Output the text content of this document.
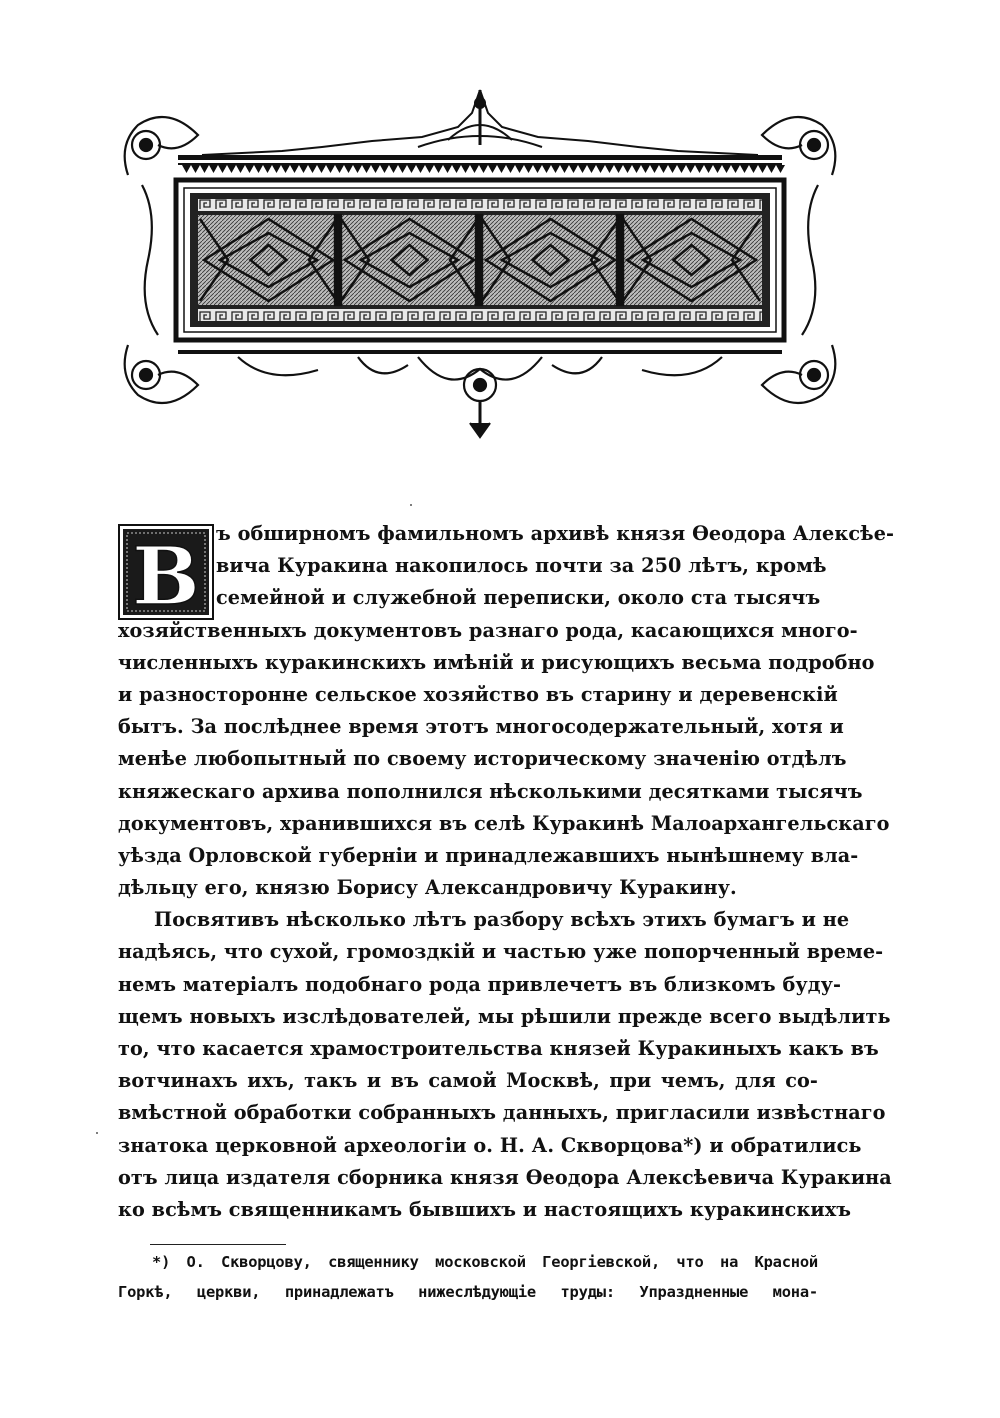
B ъ обширномъ фамильномъ архивѣ князя Ѳеодора Алексѣе-
вича Куракина накопилось почти за 250 лѣтъ, кромѣ
семейной и служебной переписки, около ста тысячъ
хозяйственныхъ документовъ разнаго рода, касающихся много-
численныхъ куракинскихъ имѣній и рисующихъ весьма подробно
и разносторонне сельское хозяйство въ старину и деревенскій
бытъ. За послѣднее время этотъ многосодержательный, хотя и
менѣе любопытный по своему историческому значенію отдѣлъ
княжескаго архива пополнился нѣсколькими десятками тысячъ
документовъ, хранившихся въ селѣ Куракинѣ Малоархангельскаго
уѣзда Орловской губерніи и принадлежавшихъ нынѣшнему вла-
дѣльцу его, князю Борису Александровичу Куракину.
Посвятивъ нѣсколько лѣтъ разбору всѣхъ этихъ бумагъ и не
надѣясь, что сухой, громоздкій и частью уже попорченный време-
немъ матеріалъ подобнаго рода привлечетъ въ близкомъ буду-
щемъ новыхъ изслѣдователей, мы рѣшили прежде всего выдѣлить
то, что касается храмостроительства князей Куракиныхъ какъ въ
вотчинахъ ихъ, такъ и въ самой Москвѣ, при чемъ, для со-
вмѣстной обработки собранныхъ данныхъ, пригласили извѣстнаго
знатока церковной археологіи о. Н. А. Скворцова*) и обратились
отъ лица издателя сборника князя Ѳеодора Алексѣевича Куракина
ко всѣмъ священникамъ бывшихъ и настоящихъ куракинскихъ
*) О. Скворцову, священнику московской Георгіевской, что на Красной
Горкѣ, церкви, принадлежатъ нижеслѣдующіе труды: Упраздненные мона-
